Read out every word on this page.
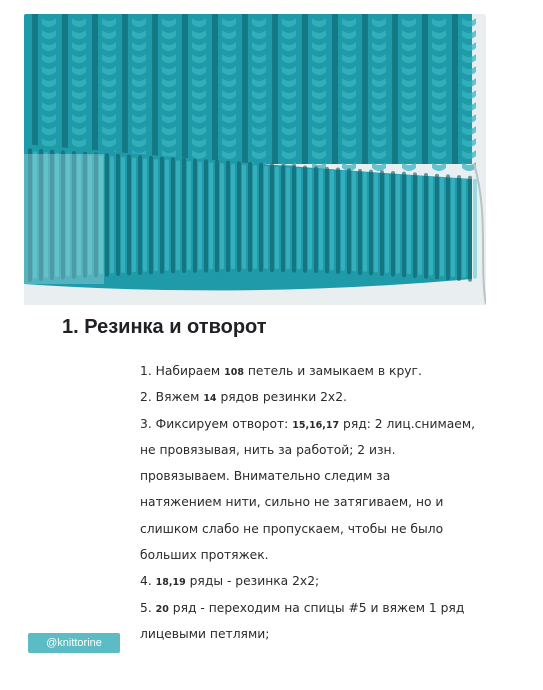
1. Резинка и отворот
1. Набираем 108 петель и замыкаем в круг.
2. Вяжем 14 рядов резинки 2х2.
3. Фиксируем отворот: 15,16,17 ряд: 2 лиц.снимаем,
не провязывая, нить за работой; 2 изн.
провязываем. Внимательно следим за
натяжением нити, сильно не затягиваем, но и
слишком слабо не пропускаем, чтобы не было
больших протяжек.
4. 18,19 ряды - резинка 2х2;
5. 20 ряд - переходим на спицы #5 и вяжем 1 ряд
лицевыми петлями;
@knittorine
